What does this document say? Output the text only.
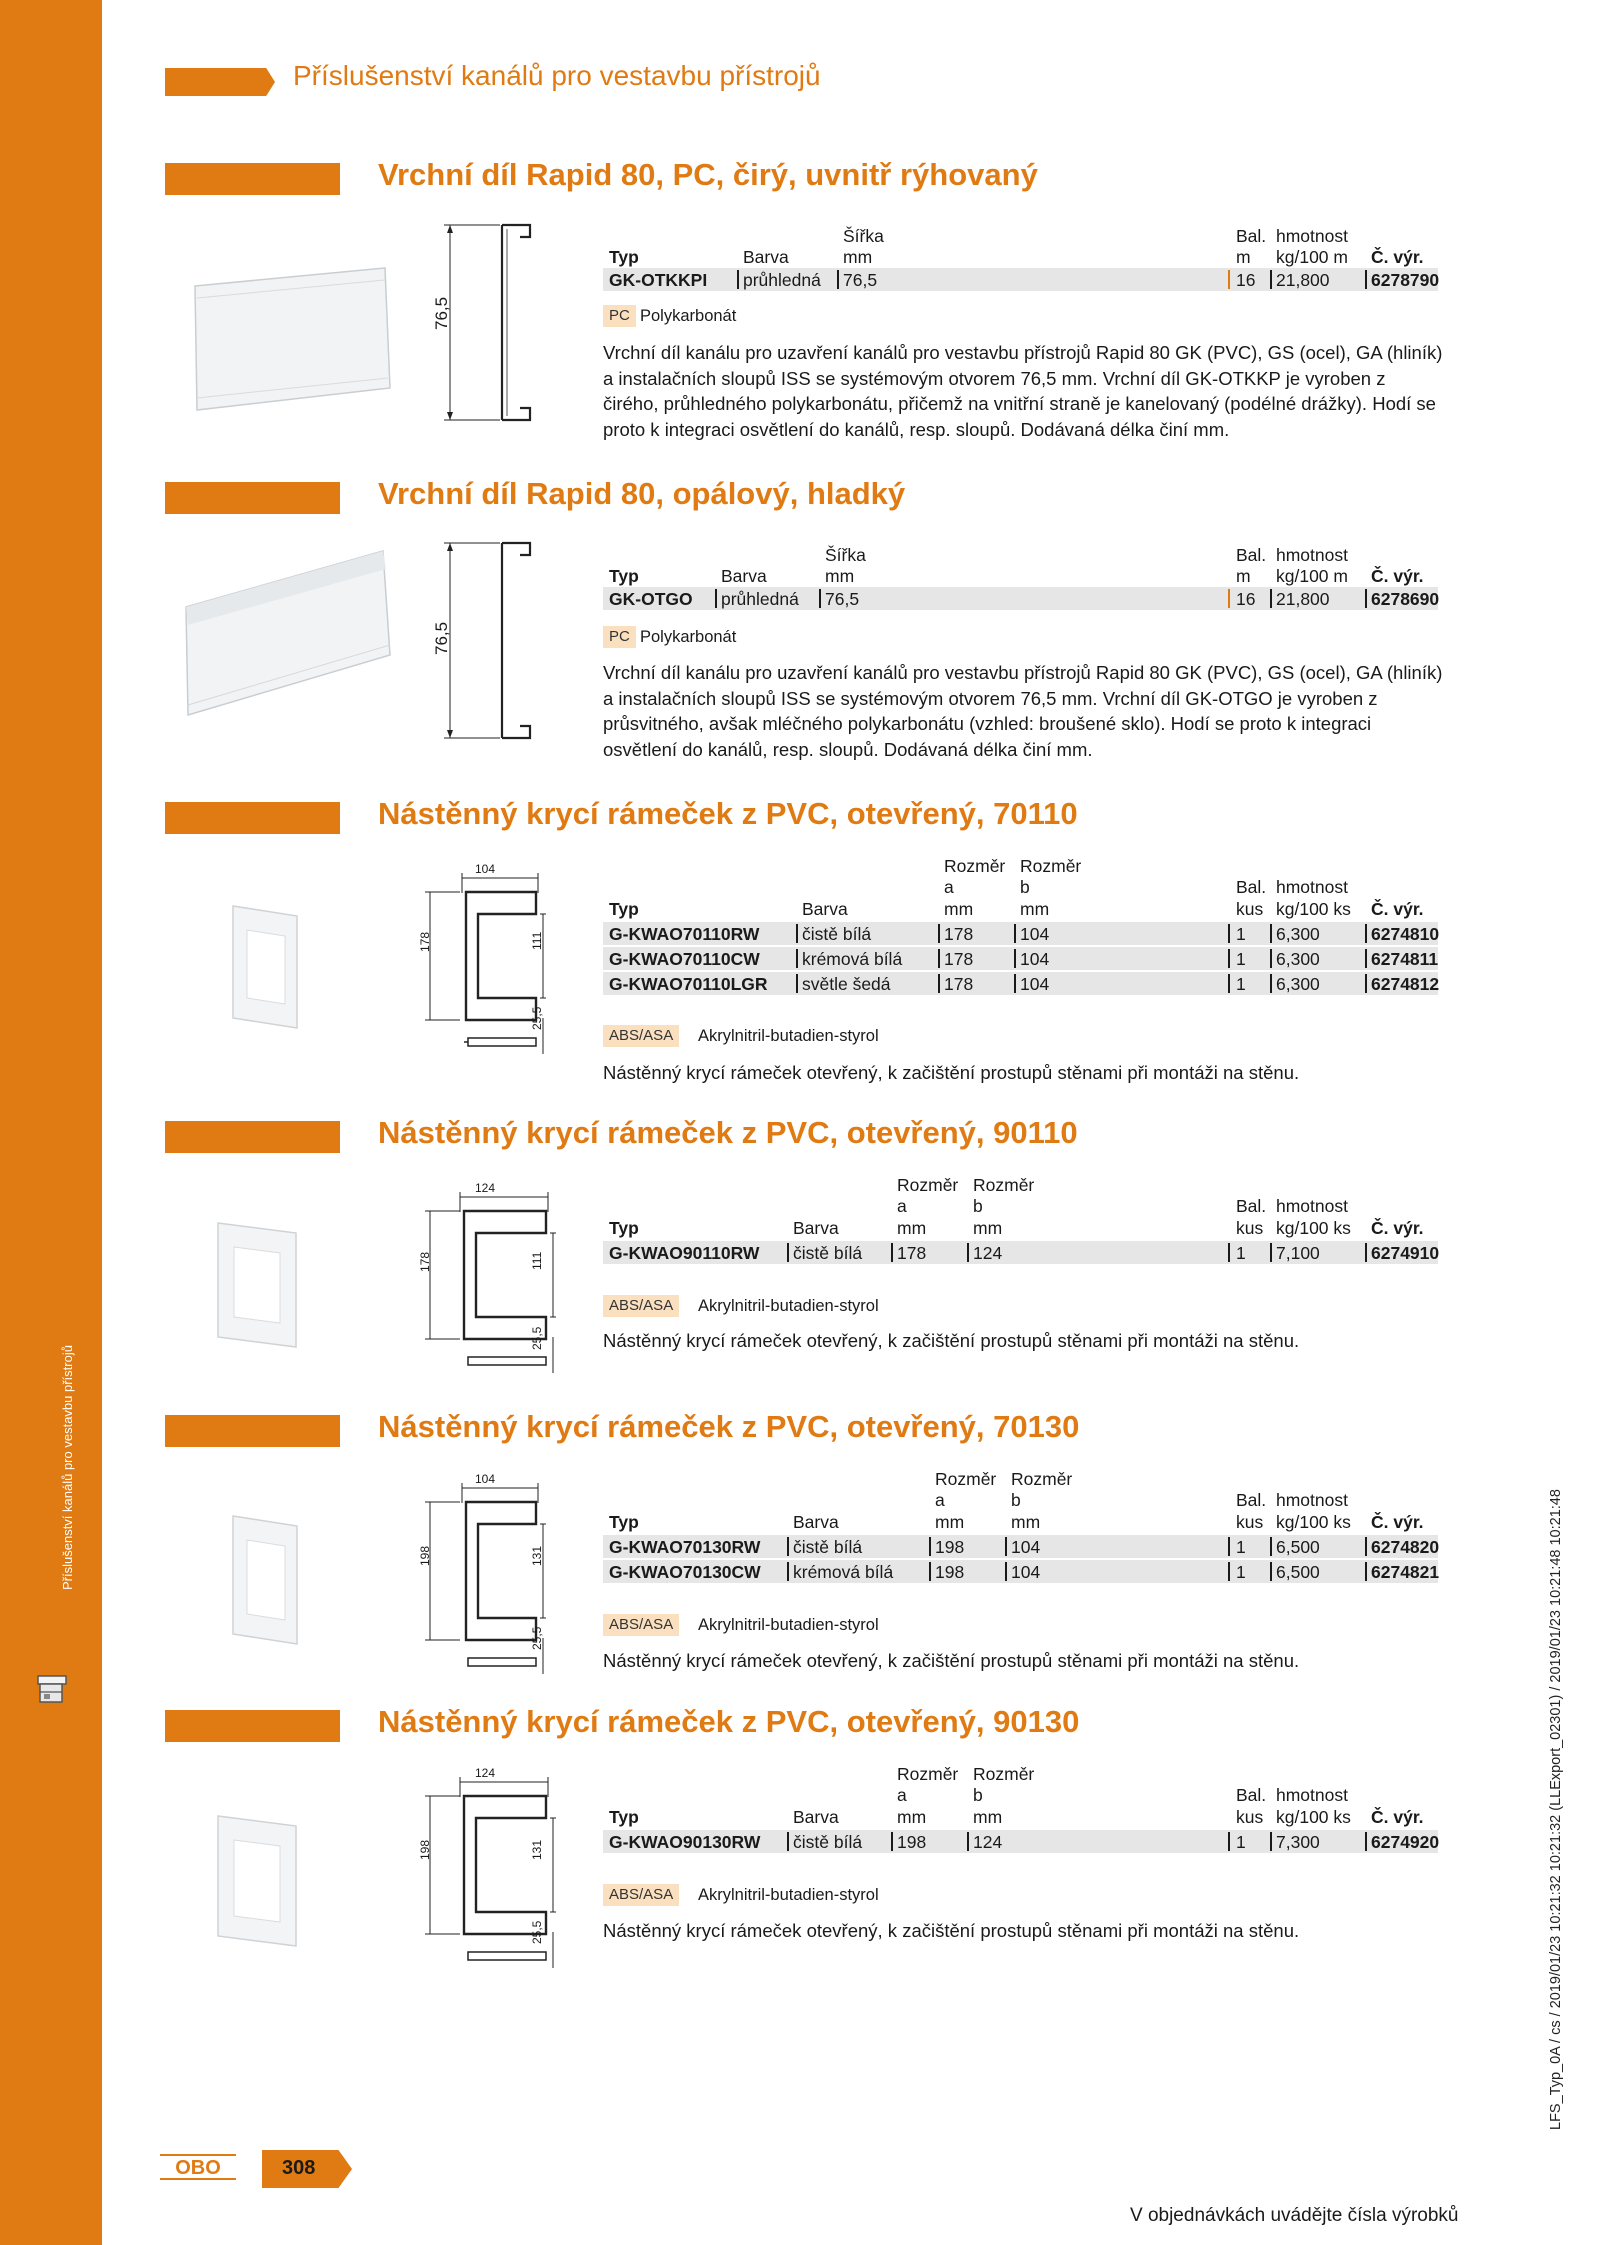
Příslušenství kanálů pro vestavbu přístrojů
Příslušenství kanálů pro vestavbu přístrojů
Vrchní díl Rapid 80, PC, čirý, uvnitř rýhovaný
76,5
Šířka	Bal. hmotnost
Typ	Barva	mm	m kg/100 m Č. výr.
GK-OTKKPI průhledná 76,5	16 21,800 6278790
PC Polykarbonát
Vrchní díl kanálu pro uzavření kanálů pro vestavbu přístrojů Rapid 80 GK (PVC), GS (ocel), GA (hliník) a instalačních sloupů ISS se systémovým otvorem 76,5 mm. Vrchní díl GK-OTKKP je vyroben z čirého, průhledného polykarbonátu, přičemž na vnitřní straně je kanelovaný (podélné drážky). Hodí se proto k integraci osvětlení do kanálů, resp. sloupů. Dodávaná délka činí mm.
Vrchní díl Rapid 80, opálový, hladký
76,5
Šířka	Bal. hmotnost
Typ	Barva	mm	m kg/100 m Č. výr.
GK-OTGO průhledná 76,5	16 21,800 6278690
PC Polykarbonát
Vrchní díl kanálu pro uzavření kanálů pro vestavbu přístrojů Rapid 80 GK (PVC), GS (ocel), GA (hliník) a instalačních sloupů ISS se systémovým otvorem 76,5 mm. Vrchní díl GK-OTGO je vyroben z průsvitného, avšak mléčného polykarbonátu (vzhled: broušené sklo). Hodí se proto k integraci osvětlení do kanálů, resp. sloupů. Dodávaná délka činí mm.
Nástěnný krycí rámeček z PVC, otevřený, 70110
104
178	111
25,5
Rozměr Rozměr
a	b	Bal. hmotnost
Typ	Barva	mm	mm	kus kg/100 ks Č. výr.
G-KWAO70110RW čistě bílá	178	104	1 6,300	6274810
G-KWAO70110CW krémová bílá 178	104	1 6,300	6274811
G-KWAO70110LGR světle šedá	178	104	1 6,300	6274812
ABS/ASA	Akrylnitril-butadien-styrol
Nástěnný krycí rámeček otevřený, k začištění prostupů stěnami při montáži na stěnu.
Nástěnný krycí rámeček z PVC, otevřený, 90110
124
178	111
25,5
Rozměr Rozměr
a	b	Bal. hmotnost
Typ	Barva	mm	mm	kus kg/100 ks Č. výr.
G-KWAO90110RW čistě bílá 178	124	1 7,100	6274910
ABS/ASA	Akrylnitril-butadien-styrol
Nástěnný krycí rámeček otevřený, k začištění prostupů stěnami při montáži na stěnu.
Nástěnný krycí rámeček z PVC, otevřený, 70130
104
198	131
25,5
Rozměr Rozměr
a	b	Bal. hmotnost
Typ	Barva	mm	mm	kus kg/100 ks Č. výr.
G-KWAO70130RW čistě bílá	198	104	1 6,500	6274820
G-KWAO70130CW krémová bílá 198	104	1 6,500	6274821
ABS/ASA	Akrylnitril-butadien-styrol
Nástěnný krycí rámeček otevřený, k začištění prostupů stěnami při montáži na stěnu.
Nástěnný krycí rámeček z PVC, otevřený, 90130
124
198	131
25,5
Rozměr Rozměr
a	b	Bal. hmotnost
Typ	Barva	mm	mm	kus kg/100 ks Č. výr.
G-KWAO90130RW čistě bílá 198	124	1 7,300	6274920
ABS/ASA	Akrylnitril-butadien-styrol
Nástěnný krycí rámeček otevřený, k začištění prostupů stěnami při montáži na stěnu.	LFS_Typ_0A / cs / 2019/01/23 10:21:32 10:21:32 (LLExport_02301) / 2019/01/23 10:21:48 10:21:48
OBO	308
V objednávkách uvádějte čísla výrobků
